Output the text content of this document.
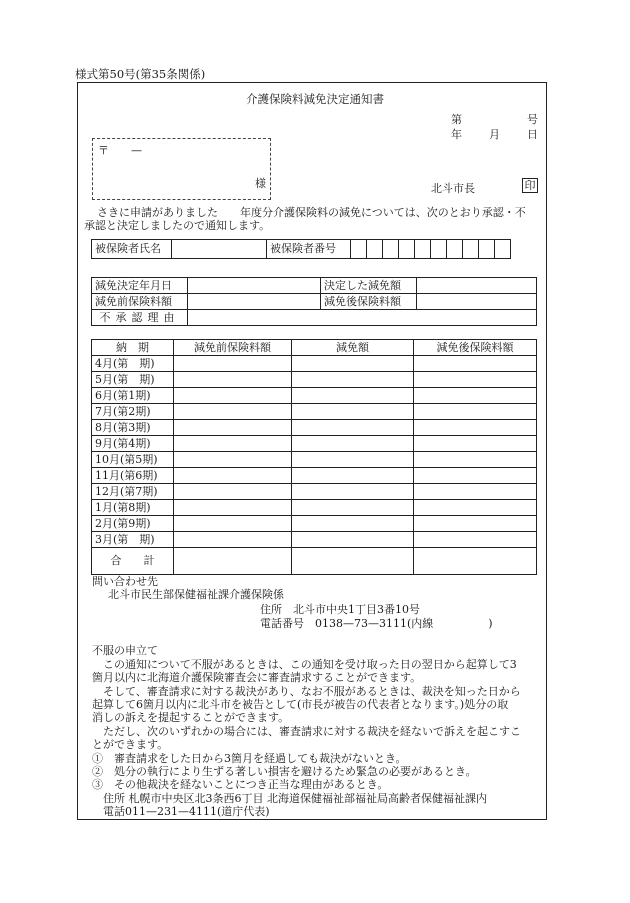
様式第50号(第35条関係)
介護保険料減免決定通知書
第	号
年 月 日
〒　　—
様	北斗市長	印
さきに申請がありました　　年度分介護保険料の減免については、次のとおり承認・不
承認と決定しましたので通知します。
被保険者氏名		被保険者番号										
減免決定年月日		決定した減免額	
減免前保険料額		減免後保険料額	
不承認理由			
納　期	減免前保険料額	減免額	減免後保険料額
4月(第　期)			
5月(第　期)			
6月(第1期)			
7月(第2期)			
8月(第3期)			
9月(第4期)			
10月(第5期)			
11月(第6期)			
12月(第7期)			
1月(第8期)			
2月(第9期)			
3月(第　期)			
合　　計			
問い合わせ先
北斗市民生部保健福祉課介護保険係
住所　北斗市中央1丁目3番10号
電話番号　0138—73—3111(内線　　　　　)
不服の申立て
この通知について不服があるときは、この通知を受け取った日の翌日から起算して3
箇月以内に北海道介護保険審査会に審査請求することができます。
そして、審査請求に対する裁決があり、なお不服があるときは、裁決を知った日から
起算して6箇月以内に北斗市を被告として(市長が被告の代表者となります。)処分の取
消しの訴えを提起することができます。
ただし、次のいずれかの場合には、審査請求に対する裁決を経ないで訴えを起こすこ
とができます。
①　審査請求をした日から3箇月を経過しても裁決がないとき。
②　処分の執行により生ずる著しい損害を避けるため緊急の必要があるとき。
③　その他裁決を経ないことにつき正当な理由があるとき。
住所 札幌市中央区北3条西6丁目 北海道保健福祉部福祉局高齢者保健福祉課内
電話011—231—4111(道庁代表)
